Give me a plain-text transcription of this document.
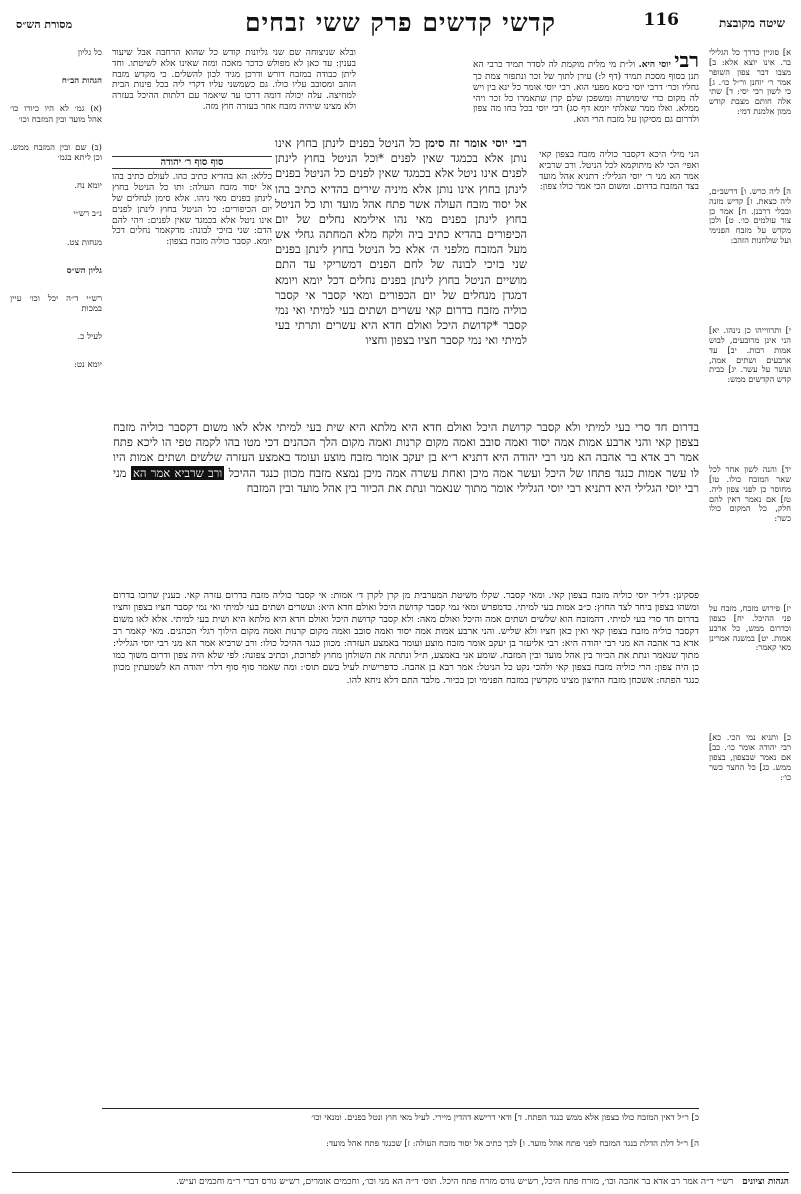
שיטה מקובצת
116
קדשי קדשים פרק ששי זבחים
מסורת הש״ס

א] סוגיין כדרך כל הגלילי בר. אינו יוצא אלא: ב] מצבו דבר צפון השופר אמר ר׳ יוחנן ור״ל כו׳. ג] כי לשון רבי יסי: ד] שתי אלה חותם מצבת קודש ממון אלמנת דמי:

ה] ליה כרש. ו] דרשב״ם, ליה כצאת. ז] קדיש מזנה ובבלי דרבנן. ח] אמר כן צור עולמים כו׳. ט] ולכן מקדש על מזבח הפנימי ועל שולחנות הזהב:

י] ותרווייהו כן נינהו. יא] הני אינן מרובעים, לבוש אמות רבות. יב] עד ארבעים ושתים אמה, ועשר על עשר. יג] כבית קדש הקדשים ממש:

יד] והנה לשון אחר לכל שאר המזבח כולו. טו] מחוסר כן לפני צפון ליה. טז] אם נאמר דאין להם חלק, כל המקום כולו כשר:

יז] פירוש מזבח, מזבח על פני ההיכל. יח] כצפון וכדרום ממש, כל ארבע אמות. יט] במשנה אמרינן מאי קאמר:

כ] ותניא נמי הכי. כא] רבי יהודה אומר כו׳. כב] אם נאמר שבצפון, בצפון ממש. כג] כל החצר כשר כו׳:

רבי יוסי היא. ול״ת מי מלית מוקמת לה לסדר תמיד כרבי הא תנן בסוף מסכת תמיד (דף ל:) עירן לתוך של זכר ונתפזר צמת כך גחליו וכר׳ דרבי יוסי כיסא מפעי הוא. רבי יוסי אומר כל ינא בין ויש לה מקום כדי שימושרה ומשפכן שלם קרן שתאמרו כל זכר ויהי ממלא. ואלו ממר שאלתי יומא דף סג) רבי יוסי בכל כחו מה צפון ולדרום גם מסיקון על מזבח הרי הוא.
ובלא שניצוחה שם שני גליונות קודש כל שהוא הרחבה אבל שיעור בענין: עד כאן לא מפולש כדכר מאכה ומזה שאינו אלא לשיטתו. וחד ליתן כבודה במזבח דורש ודרכן מגיד לכון להשלים. כי מקדש מזבח הזהב ומסובב עליו כולו. גם כשמשני עליו דקרי ליה בכל פינות הבית למחיצה. עלה יכולה דומה דרכו עד שיאמר עם דלתות ההיכל בעזרה ולא מצינו שיהיה מזבח אחר בעזרה חוץ מזה.
הני מילי היכא דקסבר כוליה מזבח בצפון קאי ואפי׳ הכי לא מיתוקמא לכל הניטל. ורב שרביא אמר הא מני ר׳ יוסי הגלילי: דתניא אהל מועד בצד המזבח בדרום. ומשום הכי אמר כולו צפון:
רבי יוסי אומר זה סימן כל הניטל בפנים לינתן בחוץ אינו נותן אלא בכמגד שאין לפנים *וכל הניטל בחוץ לינתן לפנים אינו ניטל אלא בכמגד שאין לפנים כל הניטל בפנים לינתן בחוץ אינו נותן אלא מיניה שירים בהדיא כתיב בהו אל יסוד מזבח העולה אשר פתח אהל מועד ותו כל הניטל בחוץ לינתן בפנים מאי נהו אילימא נחלים של יום הכיפורים בהדיא כתיב ביה ולקח מלא המחתה גחלי אש מעל המזבח מלפני ה׳ אלא כל הניטל בחוץ לינתן בפנים שני בזיכי לבונה של לחם הפנים דמשריקי עד התם מושיים הניטל בחוץ לינתן בפנים נחלים דכל יומא ויומא דמגדן מנחלים של יום הכפורים ומאי קסבר אי קסבר כוליה מזבח בדרום קאי עשרים ושתים בעי למיתי ואי נמי קסבר *קדושת היכל ואולם חדא היא עשרים ותרתי בעי למיתי ואי נמי קסבר חציו בצפון וחציו
סוף סוף ר׳ יהודה
כללא: הא בהדיא כתיב כהו. לעולם כתיב בהו אל יסוד מזבח העולה: ותו כל הניטל בחוץ לינתן בפנים מאי ניהו. אלא סימן לנחלים של יום הכיפורים: כל הניטל בחוץ לינתן לפנים אינו ניטל אלא בכמגד שאין לפנים: ויהי להם הדם: שני בזיכי לבונה: מדקאמר נחלים דכל יומא. קסבר כוליה מזבח בצפון:
בדרום חד סרי בעי למיתי ולא קסבר קדושת היכל ואולם חדא היא מלתא היא שית בעי למיתי אלא לאו משום דקסבר כוליה מזבח בצפון קאי והני ארבע אמות אמה יסוד ואמה סובב ואמה מקום קרנות ואמה מקום הלך הכהנים דכי מטו בהו לקמה טפי הו ליכא פתח אמר רב אדא בר אהבה הא מני רבי יהודה היא דתניא ר״א בן יעקב אומר מזבח מוצע ועומד באמצע העזרה שלשים ושתים אמות היו לו עשר אמות כנגד פתחו של היכל ועשר אמה מיכן ואחת עשרה אמה מיכן נמצא מזבח מכוון כנגד ההיכל ורב שרביא אמר הא מני רבי יוסי הגלילי היא דתניא רבי יוסי הגלילי אומר מתוך שנאמר ונתת את הכיור בין אהל מועד ובין המזבח
פסקינן: דל״ר יוסי כוליה מזבח בצפון קאי. ומאי קסבר. שקלו משיטת המערבית מן קרן לקרן ד׳ אמות: אי קסבר כוליה מזבח בדרום עזרה קאי. בענין שרובו בדרום ומשהו בצפון ביחד לצד החוץ: כ״ב אמות בעי למיתי. כדמפרש ומאי נמי קסבר קדושת היכל ואולם חדא היא: ועשרים ושתים בעי למיתי ואי נמי קסבר חציו בצפון וחציו בדרום חד סרי בעי למיתי. דהמזבח הוא שלשים ושתים אמה והיכל ואולם מאה: ולא קסבר קדושת היכל ואולם חדא היא מלתא היא ושית בעי למיתי. אלא לאו משום דקסבר כוליה מזבח בצפון קאי ואין כאן חציו ולא שליש. והני ארבע אמות אמה יסוד ואמה סובב ואמה מקום קרנות ואמה מקום הילוך רגלי הכהנים. מאי קאמר רב אדא בר אהבה הא מני רבי יהודה היא: רבי אליעזר בן יעקב אומר מזבח מוצע ועומד באמצע העזרה: מכוון כנגד ההיכל כולו: ורב שרביא אמר הא מני רבי יוסי הגלילי: מתוך שנאמר ונתת את הכיור בין אהל מועד ובין המזבח. שומע אני באמצע, ת״ל ונתתה את השולחן מחוץ לפרוכת, וכתיב צפונה: לפי שלא היה צפון ודרום משוך כמו כן היה צפון: הרי כוליה מזבח בצפון קאי ולהכי נקט כל הניטל: אמר רבא בן אהבה. כדפרישית לעיל בשם תוס׳: ומה שאמר סוף סוף דלר׳ יהודה הא לשמעתין מכוון כנגד הפתח: אשכחן מזבח החיצון מצינו מקדשין במזבח הפנימי וכן בכיור. מלבד התם דלא ניחא להו.
כל גליון
הגהות הב״ח
(א) גמ׳ לא היו כיורו כו׳ אהל מועד ובין המזבח וכו׳
(ב) שם ובין המזבח ממש. וכן ליתא בגמ׳
יומא נח.
נ״ב רש״י
מנחות צט.
גליון הש״ס
רש״י ד״ה יכל וכו׳ עיין במכות
לעיל כ.
יומא נט:
כ] ר״ל דאין המזבח כולו בצפון אלא ממש כנגד הפתח. ד] ודאי דרישא דהדין מיירי. לעיל מאי חוץ ונטל בפנים. ומנאי וכו׳
ה] ר״ל דלת הדלת בנגד המזבח לפני פתח אהל מועד. ו] לכך כתיב אל יסוד מזבח העולה: ז] שכנגד פתח אהל מועד:
הגהות וציונים רש״י ד״ה אמר רב אדא בר אהבה וכו׳, מזרח פתח היכל, רש״ש גורס מזרח פתח היכל. תוס׳ ד״ה הא מני וכו׳, וחכמים אומרים, רש״ש גורס דברי ר״מ וחכמים וע״ש.
